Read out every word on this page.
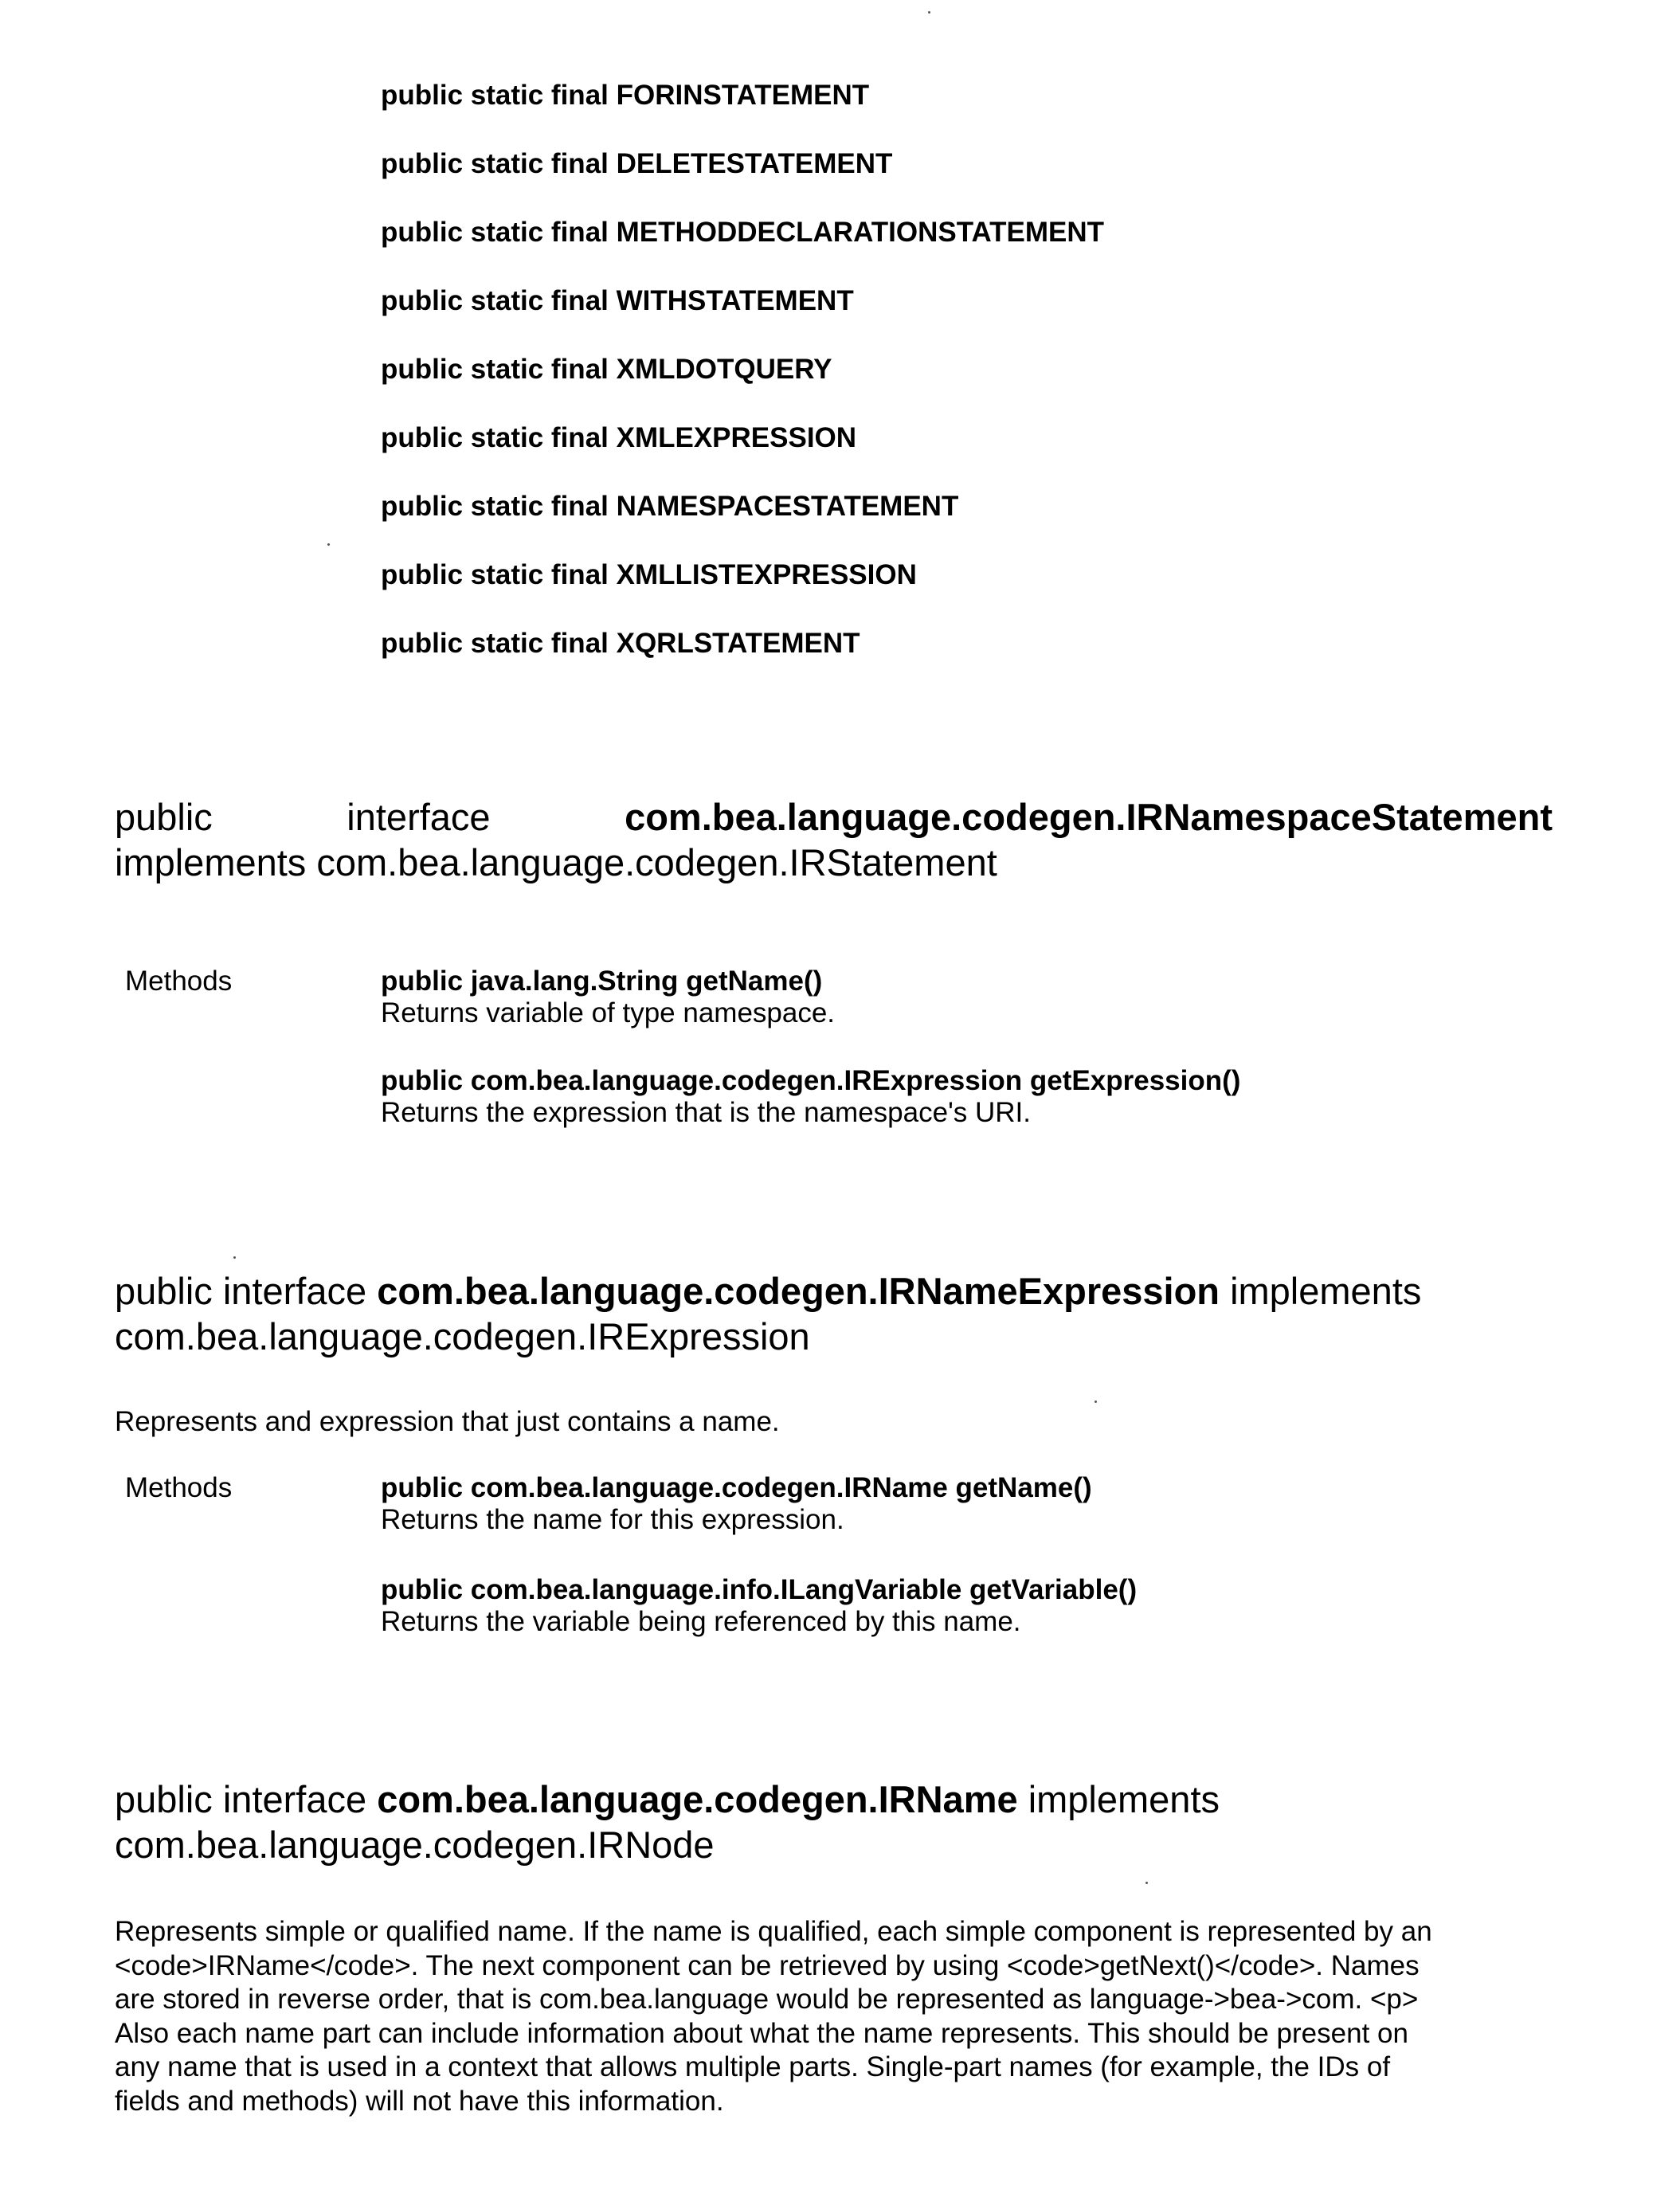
public static final FORINSTATEMENT
public static final DELETESTATEMENT
public static final METHODDECLARATIONSTATEMENT
public static final WITHSTATEMENT
public static final XMLDOTQUERY
public static final XMLEXPRESSION
public static final NAMESPACESTATEMENT
public static final XMLLISTEXPRESSION
public static final XQRLSTATEMENT
public	interface	com.bea.language.codegen.IRNamespaceStatement
implements com.bea.language.codegen.IRStatement
Methods	public java.lang.String getName()
Returns variable of type namespace.
public com.bea.language.codegen.IRExpression getExpression()
Returns the expression that is the namespace's URI.
public interface com.bea.language.codegen.IRNameExpression implements
com.bea.language.codegen.IRExpression
Represents and expression that just contains a name.
Methods	public com.bea.language.codegen.IRName getName()
Returns the name for this expression.
public com.bea.language.info.ILangVariable getVariable()
Returns the variable being referenced by this name.
public interface com.bea.language.codegen.IRName implements
com.bea.language.codegen.IRNode
Represents simple or qualified name. If the name is qualified, each simple component is represented by an
<code>IRName</code>. The next component can be retrieved by using <code>getNext()</code>. Names
are stored in reverse order, that is com.bea.language would be represented as language->bea->com. <p>
Also each name part can include information about what the name represents. This should be present on
any name that is used in a context that allows multiple parts. Single-part names (for example, the IDs of
fields and methods) will not have this information.
